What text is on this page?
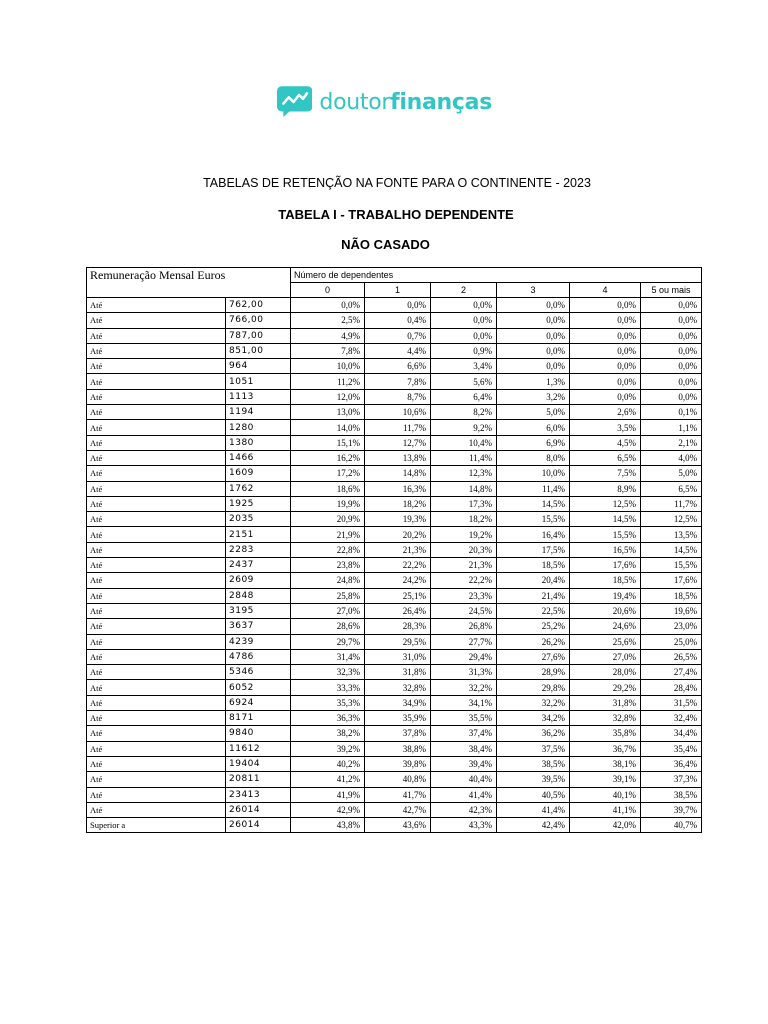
doutorfinanças
TABELAS DE RETENÇÃO NA FONTE PARA O CONTINENTE - 2023
TABELA I - TRABALHO DEPENDENTE
NÃO CASADO
Remuneração Mensal Euros		Número de dependentes					
		0	1	2	3	4	5 ou mais
Até	762,00	0,0%	0,0%	0,0%	0,0%	0,0%	0,0%
Até	766,00	2,5%	0,4%	0,0%	0,0%	0,0%	0,0%
Até	787,00	4,9%	0,7%	0,0%	0,0%	0,0%	0,0%
Até	851,00	7,8%	4,4%	0,9%	0,0%	0,0%	0,0%
Até	964	10,0%	6,6%	3,4%	0,0%	0,0%	0,0%
Até	1051	11,2%	7,8%	5,6%	1,3%	0,0%	0,0%
Até	1113	12,0%	8,7%	6,4%	3,2%	0,0%	0,0%
Até	1194	13,0%	10,6%	8,2%	5,0%	2,6%	0,1%
Até	1280	14,0%	11,7%	9,2%	6,0%	3,5%	1,1%
Até	1380	15,1%	12,7%	10,4%	6,9%	4,5%	2,1%
Até	1466	16,2%	13,8%	11,4%	8,0%	6,5%	4,0%
Até	1609	17,2%	14,8%	12,3%	10,0%	7,5%	5,0%
Até	1762	18,6%	16,3%	14,8%	11,4%	8,9%	6,5%
Até	1925	19,9%	18,2%	17,3%	14,5%	12,5%	11,7%
Até	2035	20,9%	19,3%	18,2%	15,5%	14,5%	12,5%
Até	2151	21,9%	20,2%	19,2%	16,4%	15,5%	13,5%
Até	2283	22,8%	21,3%	20,3%	17,5%	16,5%	14,5%
Até	2437	23,8%	22,2%	21,3%	18,5%	17,6%	15,5%
Até	2609	24,8%	24,2%	22,2%	20,4%	18,5%	17,6%
Até	2848	25,8%	25,1%	23,3%	21,4%	19,4%	18,5%
Até	3195	27,0%	26,4%	24,5%	22,5%	20,6%	19,6%
Até	3637	28,6%	28,3%	26,8%	25,2%	24,6%	23,0%
Até	4239	29,7%	29,5%	27,7%	26,2%	25,6%	25,0%
Até	4786	31,4%	31,0%	29,4%	27,6%	27,0%	26,5%
Até	5346	32,3%	31,8%	31,3%	28,9%	28,0%	27,4%
Até	6052	33,3%	32,8%	32,2%	29,8%	29,2%	28,4%
Até	6924	35,3%	34,9%	34,1%	32,2%	31,8%	31,5%
Até	8171	36,3%	35,9%	35,5%	34,2%	32,8%	32,4%
Até	9840	38,2%	37,8%	37,4%	36,2%	35,8%	34,4%
Até	11612	39,2%	38,8%	38,4%	37,5%	36,7%	35,4%
Até	19404	40,2%	39,8%	39,4%	38,5%	38,1%	36,4%
Até	20811	41,2%	40,8%	40,4%	39,5%	39,1%	37,3%
Até	23413	41,9%	41,7%	41,4%	40,5%	40,1%	38,5%
Até	26014	42,9%	42,7%	42,3%	41,4%	41,1%	39,7%
Superior a	26014	43,8%	43,6%	43,3%	42,4%	42,0%	40,7%
